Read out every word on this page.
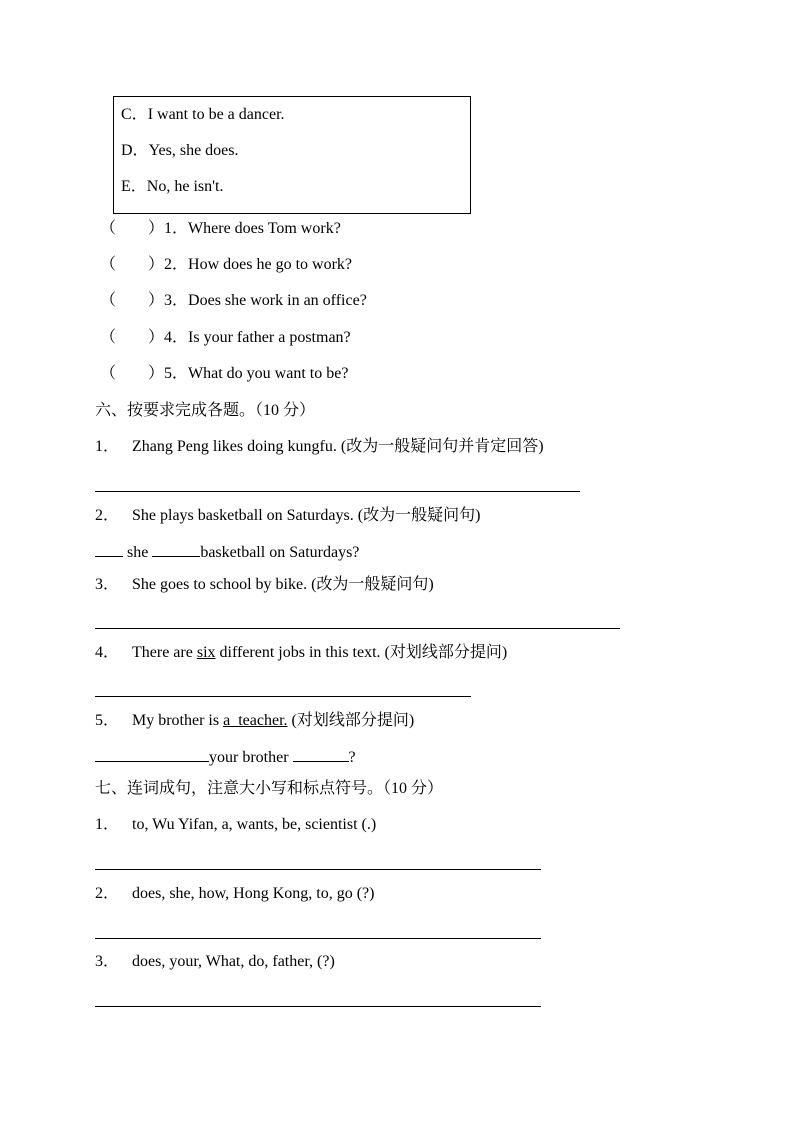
C．I want to be a dancer.
D．Yes, she does.
E．No, he isn't.
（　　）1．Where does Tom work?
（　　）2．How does he go to work?
（　　）3．Does she work in an office?
（　　）4．Is your father a postman?
（　　）5．What do you want to be?
六、按要求完成各题。（10 分）
1． Zhang Peng likes doing kungfu. (改为一般疑问句并肯定回答)
2． She plays basketball on Saturdays. (改为一般疑问句)
she	basketball on Saturdays?
3． She goes to school by bike. (改为一般疑问句)
4． There are six different jobs in this text. (对划线部分提问)
5． My brother is a_teacher. (对划线部分提问)
your brother	?
七、连词成句，注意大小写和标点符号。（10 分）
1． to, Wu Yifan, a, wants, be, scientist (.)
2． does, she, how, Hong Kong, to, go (?)
3． does, your, What, do, father, (?)
